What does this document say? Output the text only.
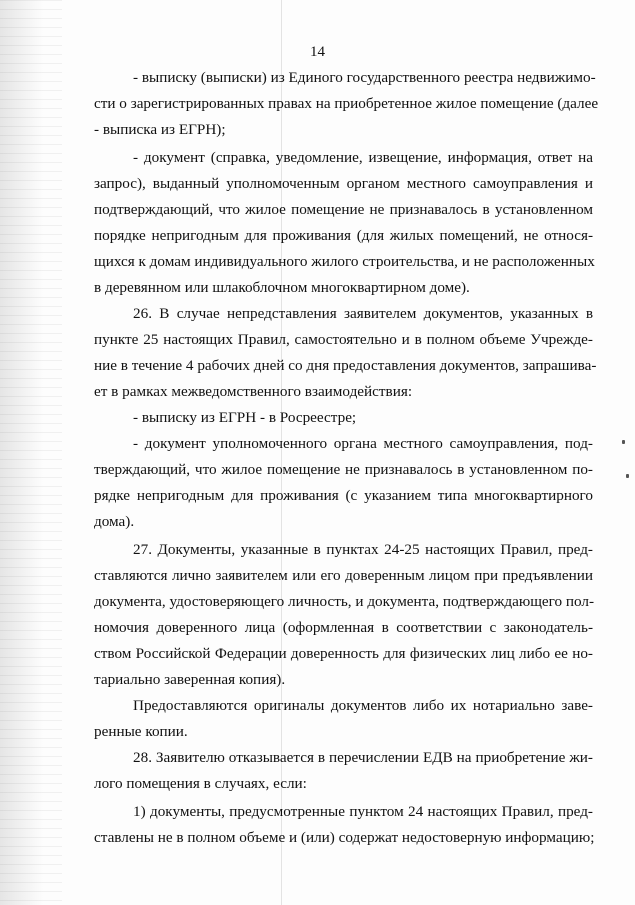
14
- выписку (выписки) из Единого государственного реестра недвижимо-
сти о зарегистрированных правах на приобретенное жилое помещение (далее
- выписка из ЕГРН);
- документ (справка, уведомление, извещение, информация, ответ на
запрос), выданный уполномоченным органом местного самоуправления и
подтверждающий, что жилое помещение не признавалось в установленном
порядке непригодным для проживания (для жилых помещений, не относя-
щихся к домам индивидуального жилого строительства, и не расположенных
в деревянном или шлакоблочном многоквартирном доме).
26. В случае непредставления заявителем документов, указанных в
пункте 25 настоящих Правил, самостоятельно и в полном объеме Учрежде-
ние в течение 4 рабочих дней со дня предоставления документов, запрашива-
ет в рамках межведомственного взаимодействия:
- выписку из ЕГРН - в Росреестре;
- документ уполномоченного органа местного самоуправления, под-
тверждающий, что жилое помещение не признавалось в установленном по-
рядке непригодным для проживания (с указанием типа многоквартирного
дома).
27. Документы, указанные в пунктах 24-25 настоящих Правил, пред-
ставляются лично заявителем или его доверенным лицом при предъявлении
документа, удостоверяющего личность, и документа, подтверждающего пол-
номочия доверенного лица (оформленная в соответствии с законодатель-
ством Российской Федерации доверенность для физических лиц либо ее но-
тариально заверенная копия).
Предоставляются оригиналы документов либо их нотариально заве-
ренные копии.
28. Заявителю отказывается в перечислении ЕДВ на приобретение жи-
лого помещения в случаях, если:
1) документы, предусмотренные пунктом 24 настоящих Правил, пред-
ставлены не в полном объеме и (или) содержат недостоверную информацию;
